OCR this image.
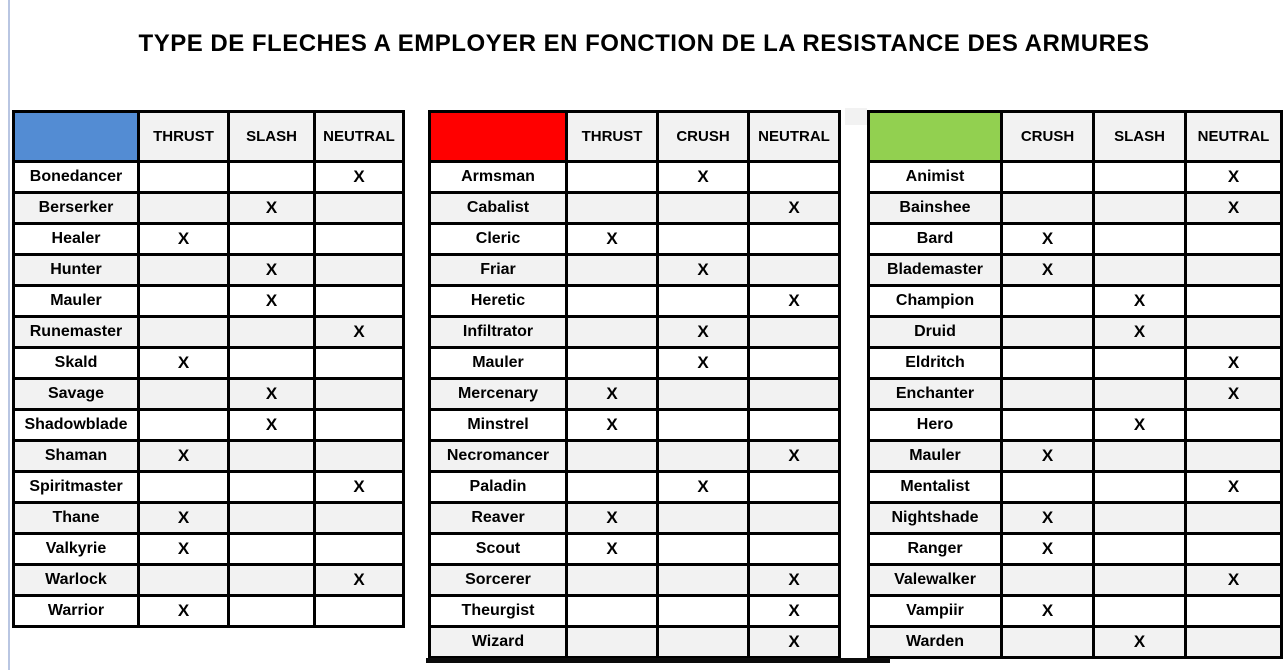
TYPE DE FLECHES A EMPLOYER EN FONCTION DE LA RESISTANCE DES ARMURES
	THRUST	SLASH	NEUTRAL
Bonedancer			X
Berserker		X	
Healer	X		
Hunter		X	
Mauler		X	
Runemaster			X
Skald	X		
Savage		X	
Shadowblade		X	
Shaman	X		
Spiritmaster			X
Thane	X		
Valkyrie	X		
Warlock			X
Warrior	X		
	THRUST	CRUSH	NEUTRAL
Armsman		X	
Cabalist			X
Cleric	X		
Friar		X	
Heretic			X
Infiltrator		X	
Mauler		X	
Mercenary	X		
Minstrel	X		
Necromancer			X
Paladin		X	
Reaver	X		
Scout	X		
Sorcerer			X
Theurgist			X
Wizard			X
	CRUSH	SLASH	NEUTRAL
Animist			X
Bainshee			X
Bard	X		
Blademaster	X		
Champion		X	
Druid		X	
Eldritch			X
Enchanter			X
Hero		X	
Mauler	X		
Mentalist			X
Nightshade	X		
Ranger	X		
Valewalker			X
Vampiir	X		
Warden		X	
